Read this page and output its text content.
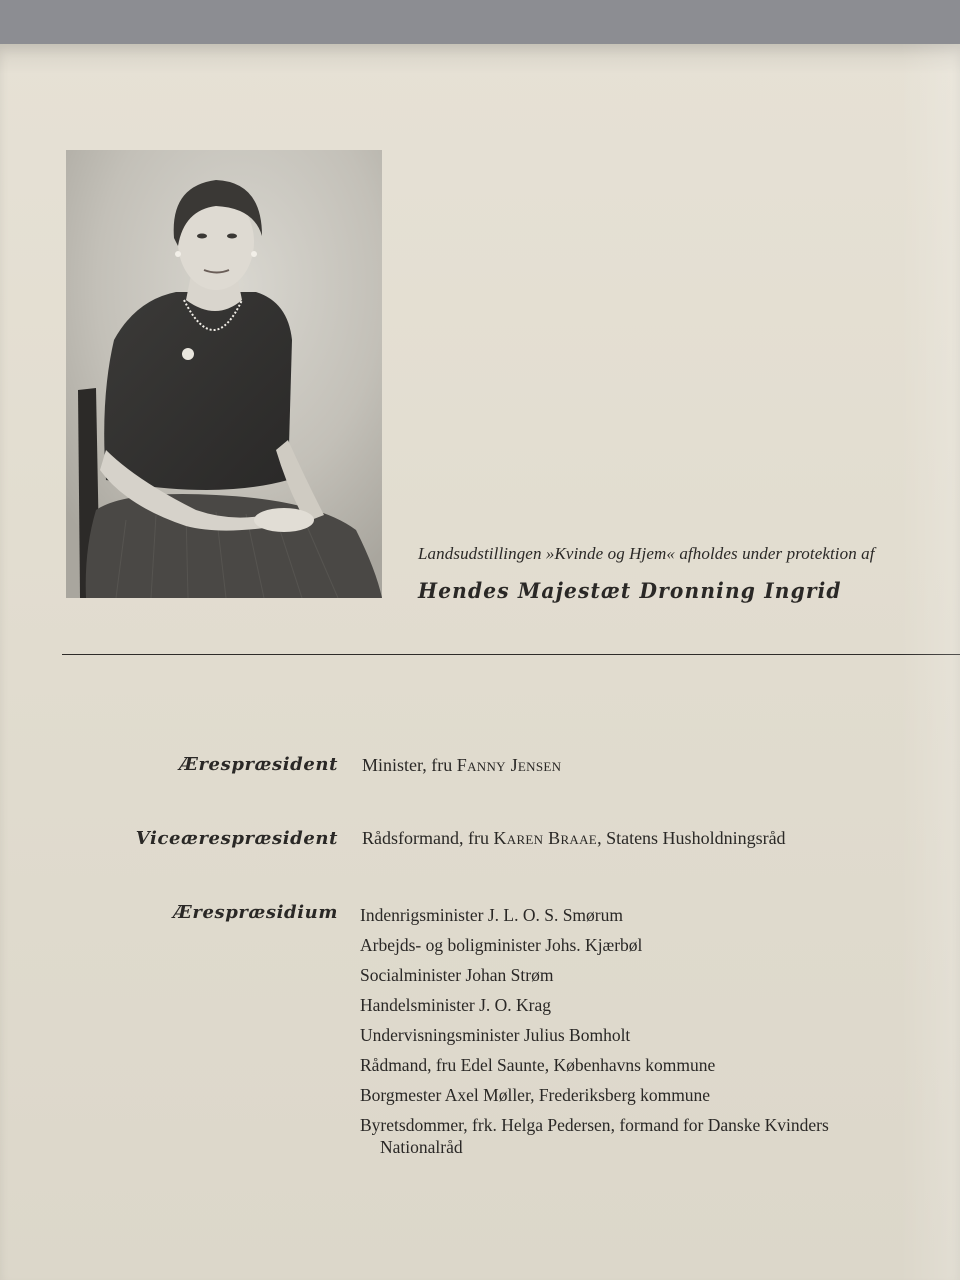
Landsudstillingen »Kvinde og Hjem« afholdes under protektion af
Hendes Majestæt Dronning Ingrid
Ærespræsident Minister, fru Fanny Jensen
Viceærespræsident Rådsformand, fru Karen Braae, Statens Husholdningsråd
Ærespræsidium Indenrigsminister J. L. O. S. Smørum
Arbejds- og boligminister Johs. Kjærbøl
Socialminister Johan Strøm
Handelsminister J. O. Krag
Undervisningsminister Julius Bomholt
Rådmand, fru Edel Saunte, Københavns kommune
Borgmester Axel Møller, Frederiksberg kommune
Byretsdommer, frk. Helga Pedersen, formand for Danske Kvinders
Nationalråd
